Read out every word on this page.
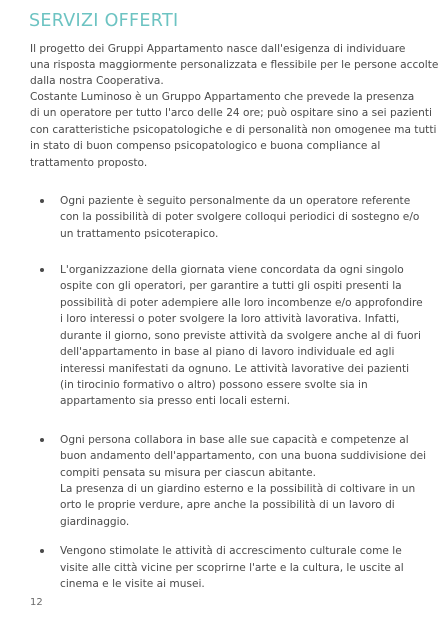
SERVIZI OFFERTI
Il progetto dei Gruppi Appartamento nasce dall'esigenza di individuare
una risposta maggiormente personalizzata e flessibile per le persone accolte
dalla nostra Cooperativa.
Costante Luminoso è un Gruppo Appartamento che prevede la presenza
di un operatore per tutto l'arco delle 24 ore; può ospitare sino a sei pazienti
con caratteristiche psicopatologiche e di personalità non omogenee ma tutti
in stato di buon compenso psicopatologico e buona compliance al
trattamento proposto.
Ogni paziente è seguito personalmente da un operatore referente
con la possibilità di poter svolgere colloqui periodici di sostegno e/o
un trattamento psicoterapico.
L'organizzazione della giornata viene concordata da ogni singolo
ospite con gli operatori, per garantire a tutti gli ospiti presenti la
possibilità di poter adempiere alle loro incombenze e/o approfondire
i loro interessi o poter svolgere la loro attività lavorativa. Infatti,
durante il giorno, sono previste attività da svolgere anche al di fuori
dell'appartamento in base al piano di lavoro individuale ed agli
interessi manifestati da ognuno. Le attività lavorative dei pazienti
(in tirocinio formativo o altro) possono essere svolte sia in
appartamento sia presso enti locali esterni.
Ogni persona collabora in base alle sue capacità e competenze al
buon andamento dell'appartamento, con una buona suddivisione dei
compiti pensata su misura per ciascun abitante.
La presenza di un giardino esterno e la possibilità di coltivare in un
orto le proprie verdure, apre anche la possibilità di un lavoro di
giardinaggio.
Vengono stimolate le attività di accrescimento culturale come le
visite alle città vicine per scoprirne l'arte e la cultura, le uscite al
cinema e le visite ai musei.
12
